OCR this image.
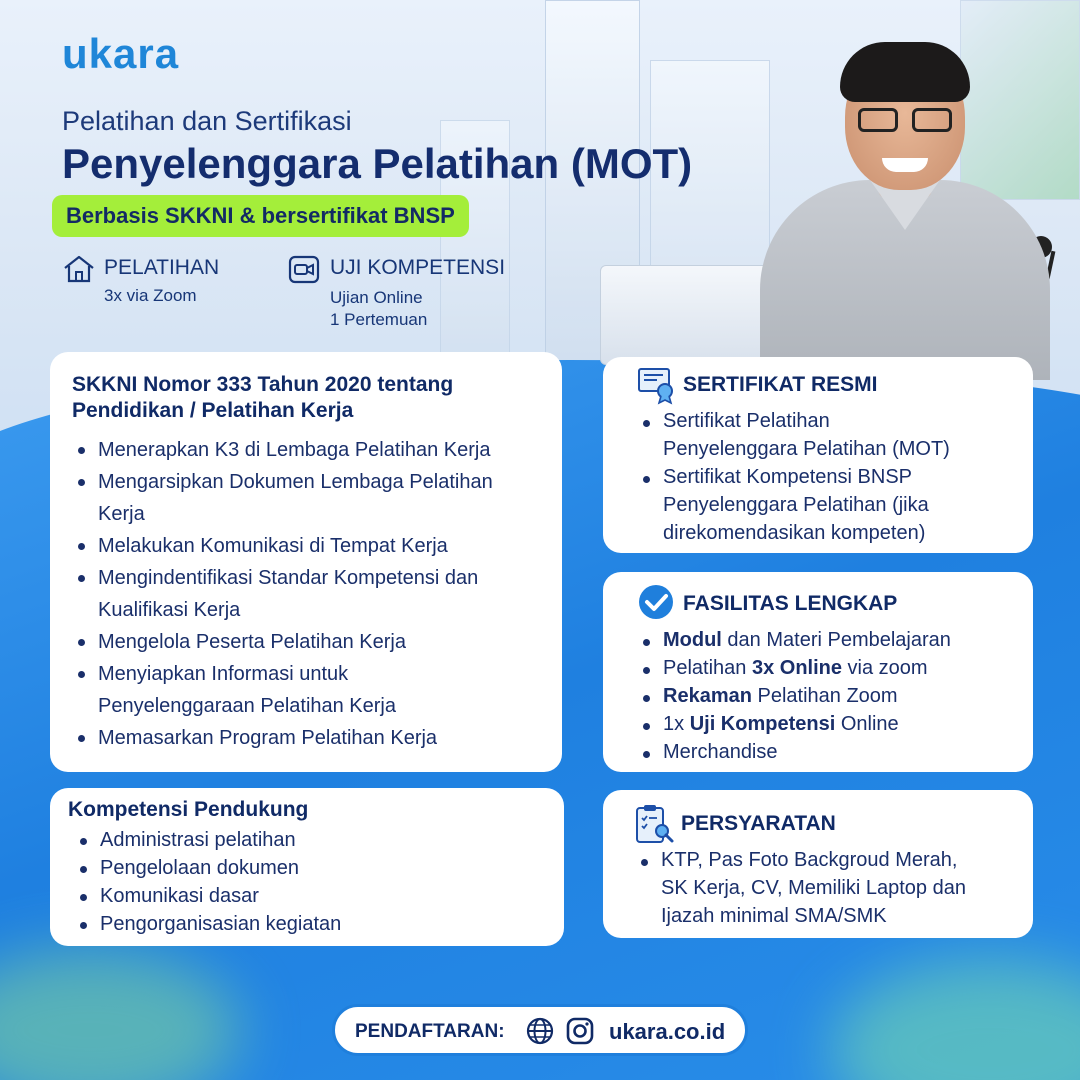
ukara
Pelatihan dan Sertifikasi
Penyelenggara Pelatihan (MOT)
Berbasis SKKNI & bersertifikat BNSP
PELATIHAN
3x via Zoom
UJI KOMPETENSI
Ujian Online
1 Pertemuan
SKKNI Nomor 333 Tahun 2020 tentang
Pendidikan / Pelatihan Kerja
Menerapkan K3 di Lembaga Pelatihan Kerja
Mengarsipkan Dokumen Lembaga Pelatihan
Kerja
Melakukan Komunikasi di Tempat Kerja
Mengindentifikasi Standar Kompetensi dan
Kualifikasi Kerja
Mengelola Peserta Pelatihan Kerja
Menyiapkan Informasi untuk
Penyelenggaraan Pelatihan Kerja
Memasarkan Program Pelatihan Kerja
Kompetensi Pendukung
Administrasi pelatihan
Pengelolaan dokumen
Komunikasi dasar
Pengorganisasian kegiatan
SERTIFIKAT RESMI
Sertifikat Pelatihan
Penyelenggara Pelatihan (MOT)
Sertifikat Kompetensi BNSP
Penyelenggara Pelatihan (jika
direkomendasikan kompeten)
FASILITAS LENGKAP
Modul dan Materi Pembelajaran
Pelatihan 3x Online via zoom
Rekaman Pelatihan Zoom
1x Uji Kompetensi Online
Merchandise
PERSYARATAN
KTP, Pas Foto Backgroud Merah,
SK Kerja, CV, Memiliki Laptop dan
Ijazah minimal SMA/SMK
PENDAFTARAN:	ukara.co.id
